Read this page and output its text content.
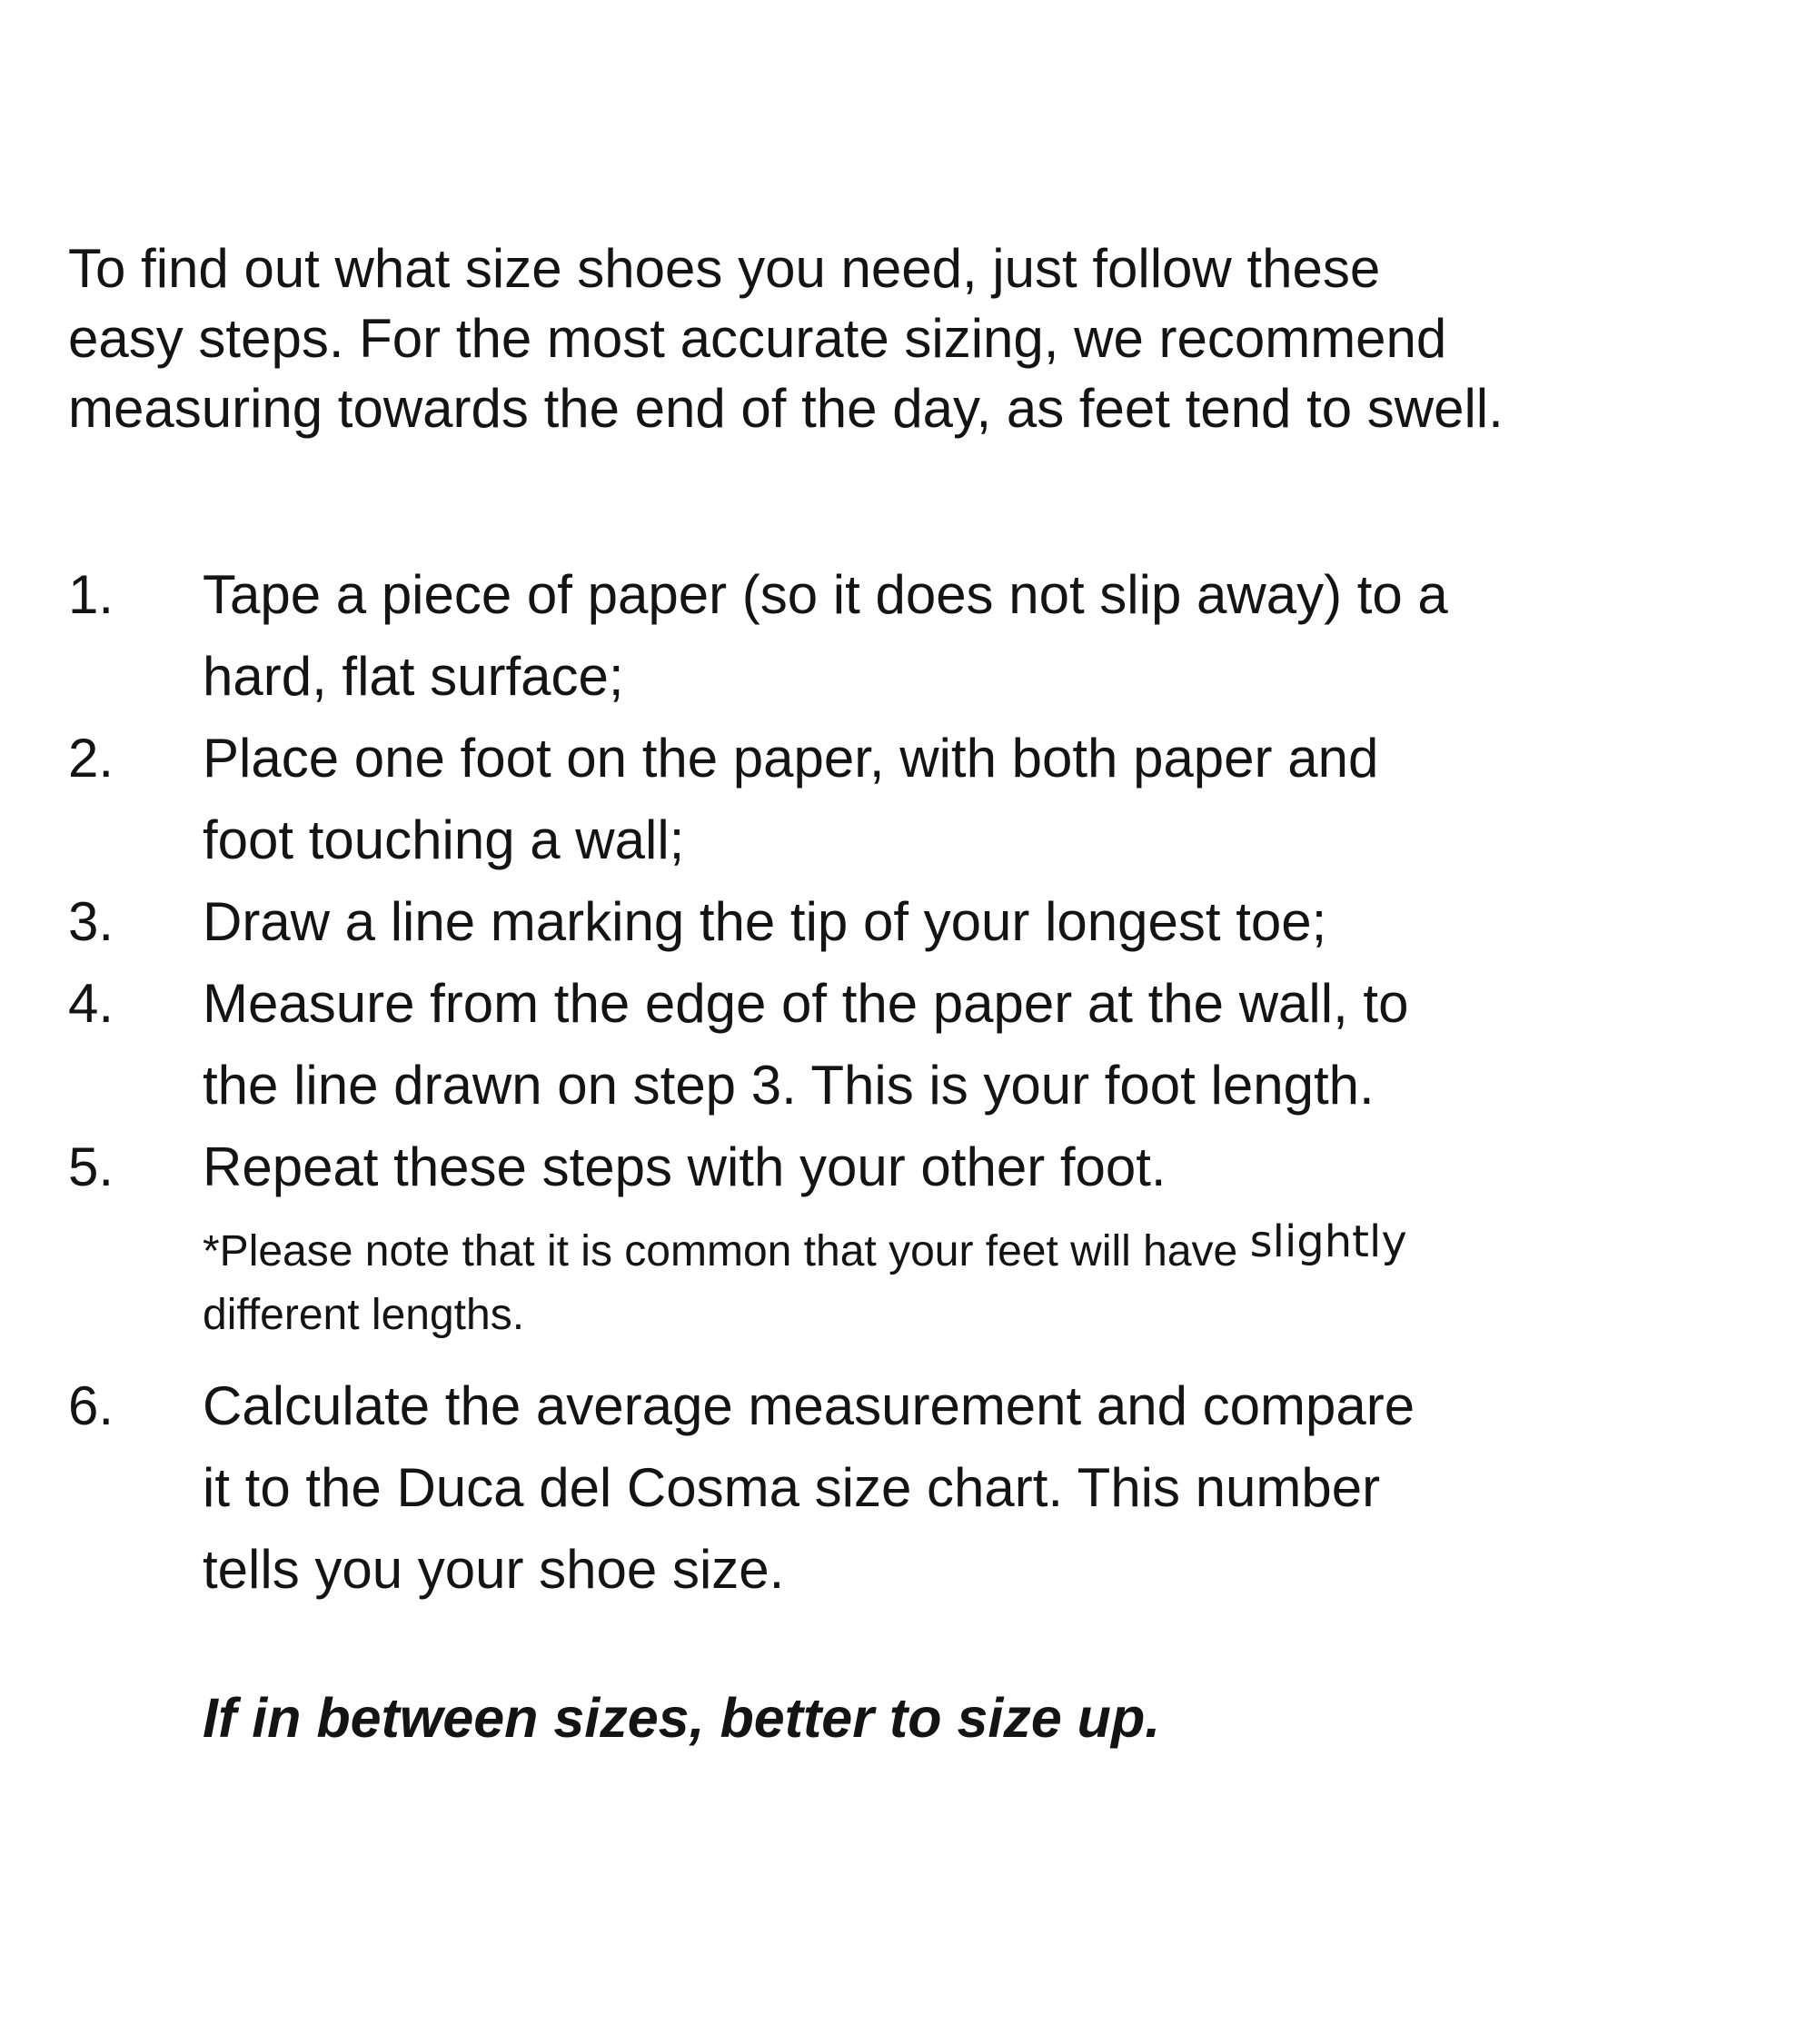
To find out what size shoes you need, just follow these
easy steps. For the most accurate sizing, we recommend
measuring towards the end of the day, as feet tend to swell.
1.	Tape a piece of paper (so it does not slip away) to a
hard, flat surface;
2.	Place one foot on the paper, with both paper and
foot touching a wall;
3.	Draw a line marking the tip of your longest toe;
4.	Measure from the edge of the paper at the wall, to
the line drawn on step 3. This is your foot length.
5.	Repeat these steps with your other foot.
*Please note that it is common that your feet will have slightly
different lengths.
6.	Calculate the average measurement and compare
it to the Duca del Cosma size chart. This number
tells you your shoe size.
If in between sizes, better to size up.
